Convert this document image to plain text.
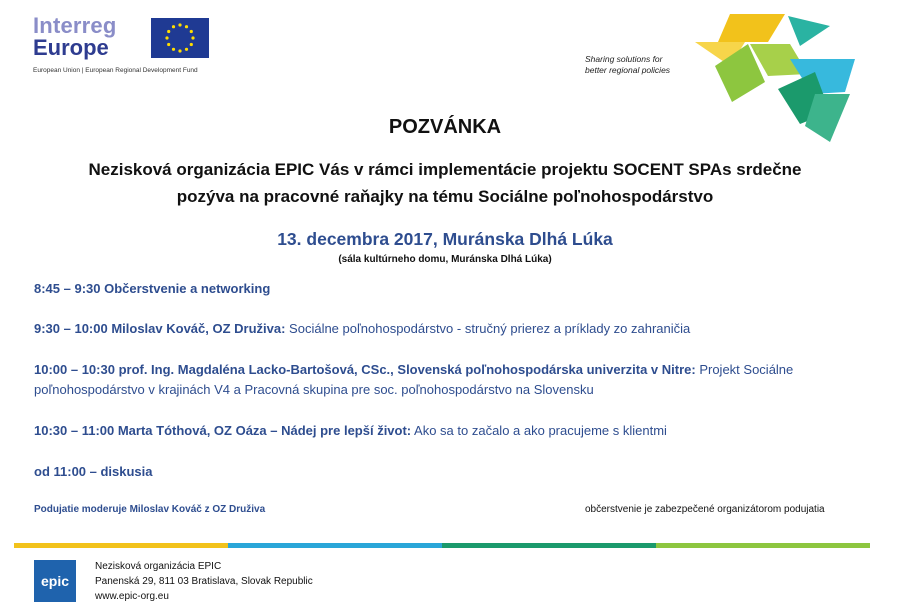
Interreg
Europe
European Union | European Regional Development Fund
Sharing solutions for
better regional policies
POZVÁNKA
Nezisková organizácia EPIC Vás v rámci implementácie projektu SOCENT SPAs srdečne
pozýva na pracovné raňajky na tému Sociálne poľnohospodárstvo
13. decembra 2017, Muránska Dlhá Lúka
(sála kultúrneho domu, Muránska Dlhá Lúka)
8:45 – 9:30 Občerstvenie a networking
9:30 – 10:00 Miloslav Kováč, OZ Druživa: Sociálne poľnohospodárstvo - stručný prierez a príklady zo zahraničia
10:00 – 10:30 prof. Ing. Magdaléna Lacko-Bartošová, CSc., Slovenská poľnohospodárska univerzita v Nitre: Projekt Sociálne poľnohospodárstvo v krajinách V4 a Pracovná skupina pre soc. poľnohospodárstvo na Slovensku
10:30 – 11:00 Marta Tóthová, OZ Oáza – Nádej pre lepší život: Ako sa to začalo a ako pracujeme s klientmi
od 11:00 – diskusia
Podujatie moderuje Miloslav Kováč z OZ Druživa	občerstvenie je zabezpečené organizátorom podujatia
epic
Nezisková organizácia EPIC
Panenská 29, 811 03 Bratislava, Slovak Republic
www.epic-org.eu
